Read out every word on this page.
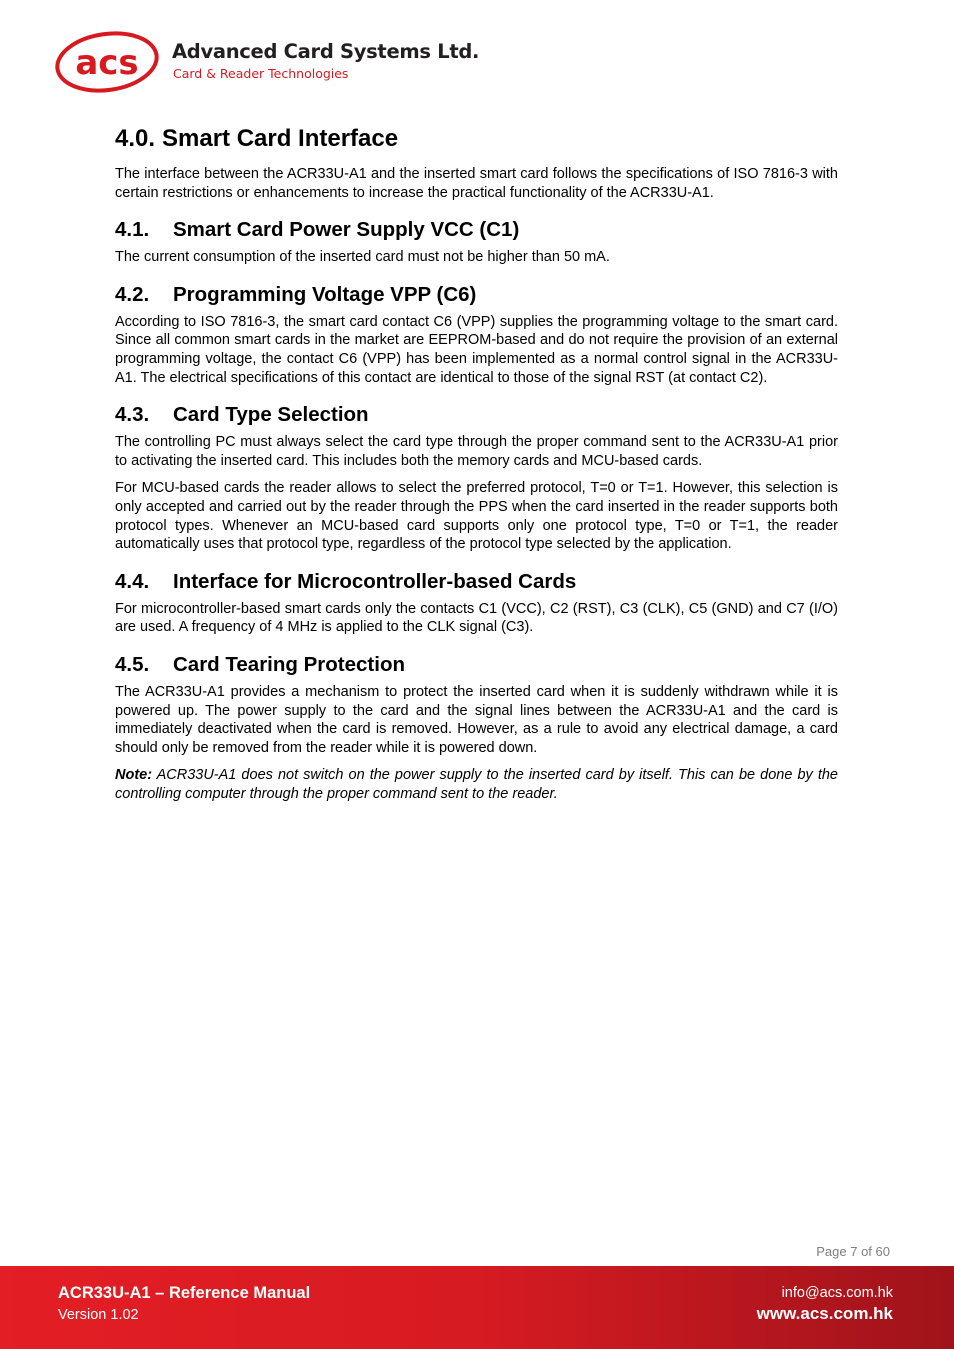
acs Advanced Card Systems Ltd.
Card & Reader Technologies
4.0. Smart Card Interface

The interface between the ACR33U-A1 and the inserted smart card follows the specifications of ISO 7816-3 with certain restrictions or enhancements to increase the practical functionality of the ACR33U-A1.

4.1. Smart Card Power Supply VCC (C1)

The current consumption of the inserted card must not be higher than 50 mA.

4.2. Programming Voltage VPP (C6)

According to ISO 7816-3, the smart card contact C6 (VPP) supplies the programming voltage to the smart card. Since all common smart cards in the market are EEPROM-based and do not require the provision of an external programming voltage, the contact C6 (VPP) has been implemented as a normal control signal in the ACR33U-A1. The electrical specifications of this contact are identical to those of the signal RST (at contact C2).

4.3. Card Type Selection

The controlling PC must always select the card type through the proper command sent to the ACR33U-A1 prior to activating the inserted card. This includes both the memory cards and MCU-based cards.

For MCU-based cards the reader allows to select the preferred protocol, T=0 or T=1. However, this selection is only accepted and carried out by the reader through the PPS when the card inserted in the reader supports both protocol types. Whenever an MCU-based card supports only one protocol type, T=0 or T=1, the reader automatically uses that protocol type, regardless of the protocol type selected by the application.

4.4. Interface for Microcontroller-based Cards

For microcontroller-based smart cards only the contacts C1 (VCC), C2 (RST), C3 (CLK), C5 (GND) and C7 (I/O) are used. A frequency of 4 MHz is applied to the CLK signal (C3).

4.5. Card Tearing Protection

The ACR33U-A1 provides a mechanism to protect the inserted card when it is suddenly withdrawn while it is powered up. The power supply to the card and the signal lines between the ACR33U-A1 and the card is immediately deactivated when the card is removed. However, as a rule to avoid any electrical damage, a card should only be removed from the reader while it is powered down.

Note: ACR33U-A1 does not switch on the power supply to the inserted card by itself. This can be done by the controlling computer through the proper command sent to the reader.

Page 7 of 60
ACR33U-A1 – Reference Manual
Version 1.02
info@acs.com.hk
www.acs.com.hk
